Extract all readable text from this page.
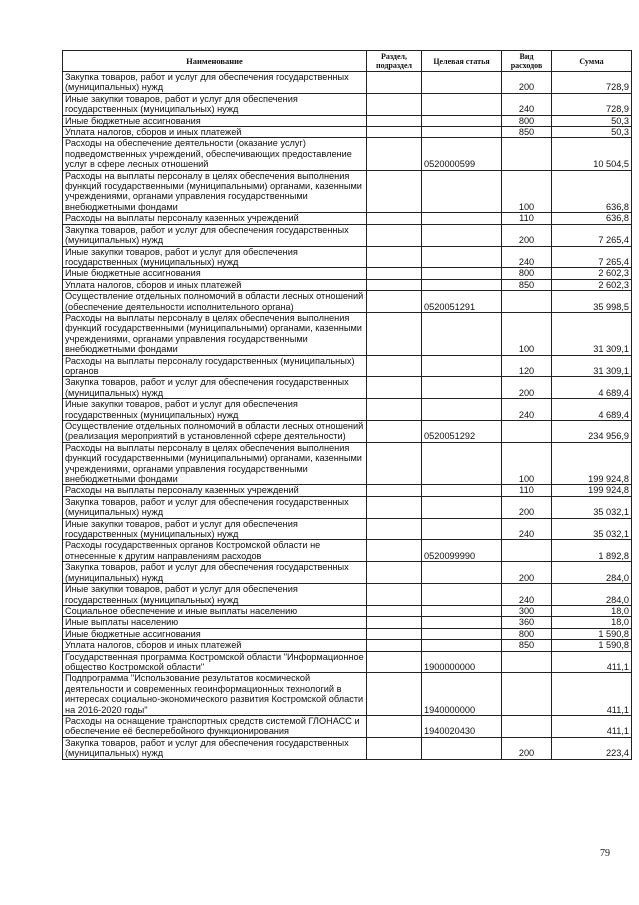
Наименование	Раздел, подраздел	Целевая статья	Вид расходов	Сумма
Закупка товаров, работ и услуг для обеспечения государственных (муниципальных) нужд			200	728,9
Иные закупки товаров, работ и услуг для обеспечения государственных (муниципальных) нужд			240	728,9
Иные бюджетные ассигнования			800	50,3
Уплата налогов, сборов и иных платежей			850	50,3
Расходы на обеспечение деятельности (оказание услуг) подведомственных учреждений, обеспечивающих предоставление услуг в сфере лесных отношений		0520000599		10 504,5
Расходы на выплаты персоналу в целях обеспечения выполнения функций государственными (муниципальными) органами, казенными учреждениями, органами управления государственными внебюджетными фондами			100	636,8
Расходы на выплаты персоналу казенных учреждений			110	636,8
Закупка товаров, работ и услуг для обеспечения государственных (муниципальных) нужд			200	7 265,4
Иные закупки товаров, работ и услуг для обеспечения государственных (муниципальных) нужд			240	7 265,4
Иные бюджетные ассигнования			800	2 602,3
Уплата налогов, сборов и иных платежей			850	2 602,3
Осуществление отдельных полномочий в области лесных отношений (обеспечение деятельности исполнительного органа)		0520051291		35 998,5
Расходы на выплаты персоналу в целях обеспечения выполнения функций государственными (муниципальными) органами, казенными учреждениями, органами управления государственными внебюджетными фондами			100	31 309,1
Расходы на выплаты персоналу государственных (муниципальных) органов			120	31 309,1
Закупка товаров, работ и услуг для обеспечения государственных (муниципальных) нужд			200	4 689,4
Иные закупки товаров, работ и услуг для обеспечения государственных (муниципальных) нужд			240	4 689,4
Осуществление отдельных полномочий в области лесных отношений (реализация мероприятий в установленной сфере деятельности)		0520051292		234 956,9
Расходы на выплаты персоналу в целях обеспечения выполнения функций государственными (муниципальными) органами, казенными учреждениями, органами управления государственными внебюджетными фондами			100	199 924,8
Расходы на выплаты персоналу казенных учреждений			110	199 924,8
Закупка товаров, работ и услуг для обеспечения государственных (муниципальных) нужд			200	35 032,1
Иные закупки товаров, работ и услуг для обеспечения государственных (муниципальных) нужд			240	35 032,1
Расходы государственных органов Костромской области не отнесенные к другим направлениям расходов		0520099990		1 892,8
Закупка товаров, работ и услуг для обеспечения государственных (муниципальных) нужд			200	284,0
Иные закупки товаров, работ и услуг для обеспечения государственных (муниципальных) нужд			240	284,0
Социальное обеспечение и иные выплаты населению			300	18,0
Иные выплаты населению			360	18,0
Иные бюджетные ассигнования			800	1 590,8
Уплата налогов, сборов и иных платежей			850	1 590,8
Государственная программа Костромской области "Информационное общество Костромской области"		1900000000		411,1
Подпрограмма "Использование результатов космической деятельности и современных геоинформационных технологий в интересах социально-экономического развития Костромской области на 2016-2020 годы"		1940000000		411,1
Расходы на оснащение транспортных средств системой ГЛОНАСС и обеспечение её бесперебойного функционирования		1940020430		411,1
Закупка товаров, работ и услуг для обеспечения государственных (муниципальных) нужд			200	223,4
79
